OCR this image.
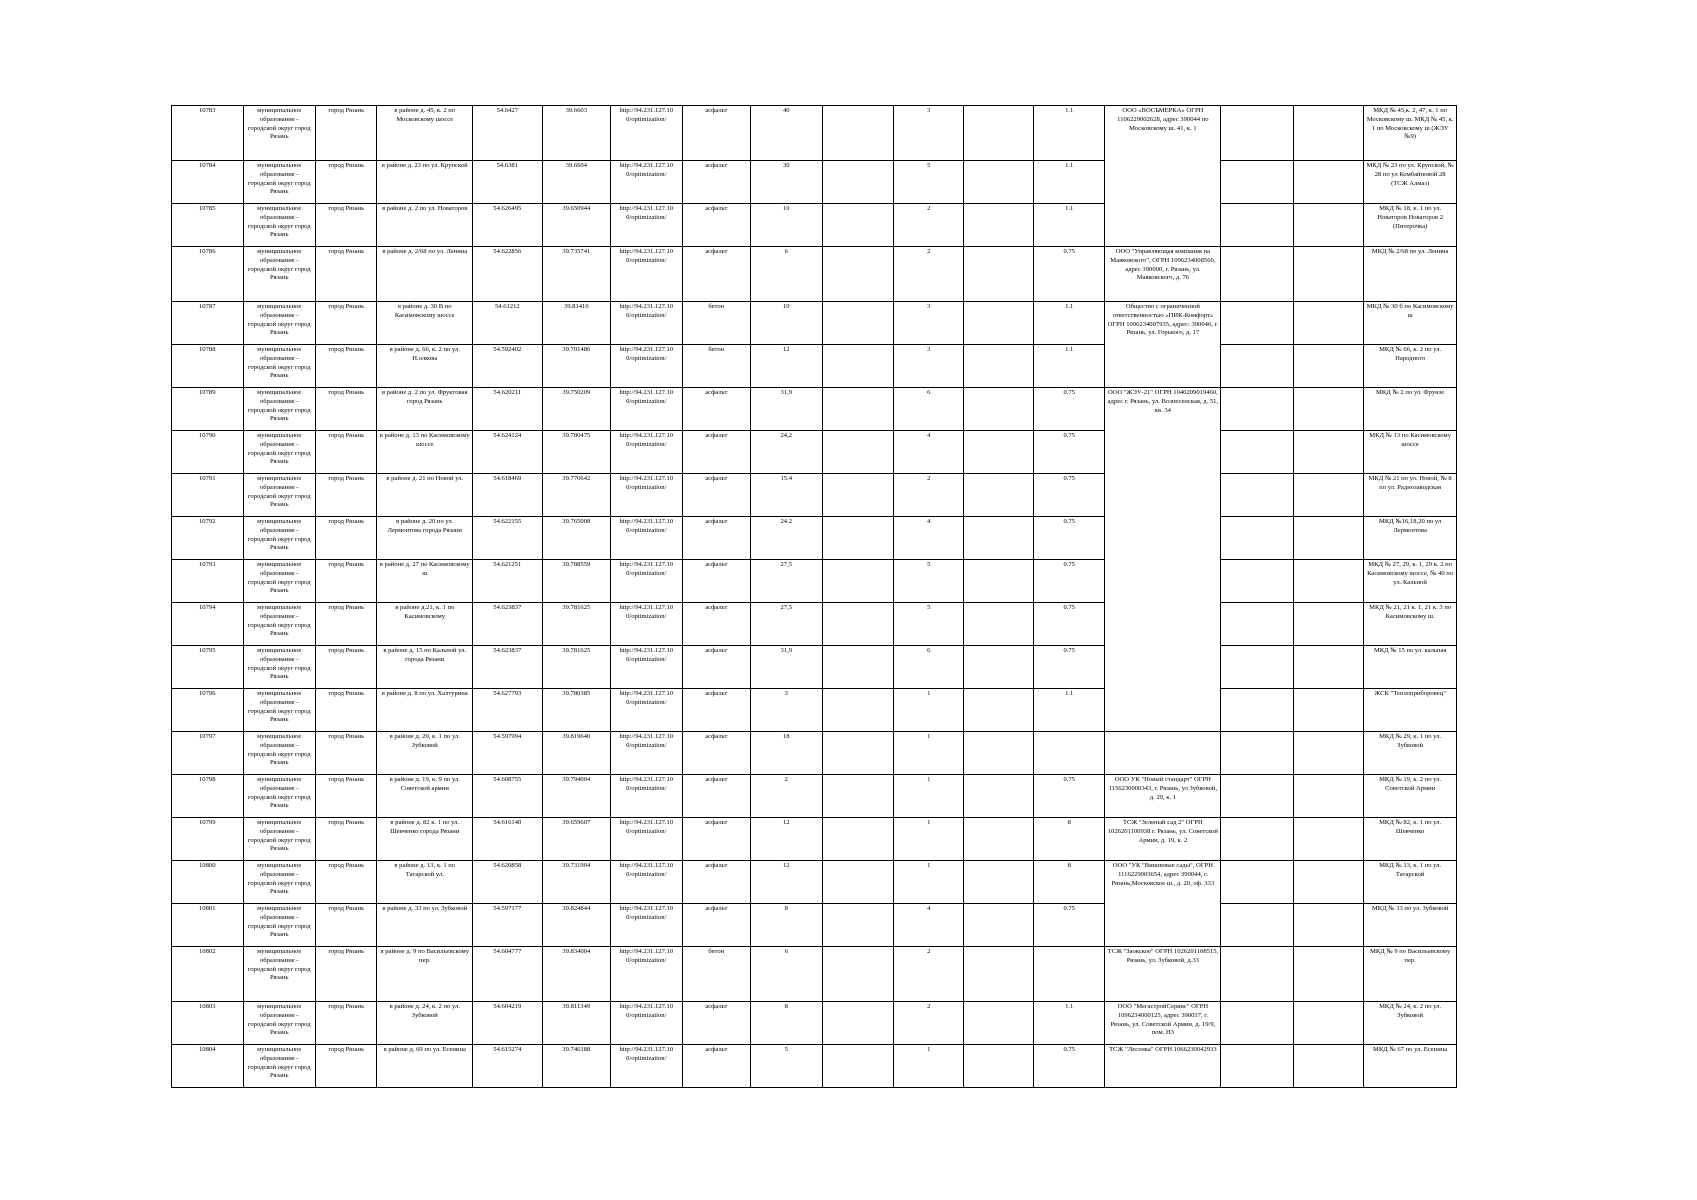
10783	муниципальное образование - городской округ город Рязань	город Рязань	в районе д. 45, к. 2 по Московскому шоссе	54.6427	39.6603	http://94.231.127.10 0/optimization/	асфальт	40		3		1.1	ООО «ВОСЬМЕРКА» ОГРН 1106229002628, адрес 390044 по Московскому ш. 41, к. 1			МКД № 45,к. 2, 47, к. 1 по Московскому ш. МКД № 45, к. 1 по Московскому ш (ЖЭУ №9)
10784	муниципальное образование - городской округ город Рязань	город Рязань	в районе д. 23 по ул. Крупской	54.6381	39.6604	http://94.231.127.10 0/optimization/	асфальт	30		5		1.1				МКД № 23 по ул. Крупской, № 28 по ул Комбайновой 28 (ТСЖ Алмаз)
10785	муниципальное образование - городской округ город Рязань	город Рязань	в районе д. 2 по ул. Новаторов	54.626495	39.650944	http://94.231.127.10 0/optimization/	асфальт	10		2		1.1				МКД № 18, к. 1 по ул. Новаторов Новаторов 2 (Питерочка)
10786	муниципальное образование - городской округ город Рязань	город Рязань	в районе д. 2/68 по ул. Ленина	54.622856	39.735741	http://94.231.127.10 0/optimization/	асфальт	6		2		0.75	ООО "Управляющая компания на Маяковского", ОГРН 1096234008560, адрес 390000, г. Рязань, ул. Маяковского, д. 76			МКД № 2/68 по ул. Ленина
10787	муниципальное образование - городской округ город Рязань	город Рязань	в районе д. 30 В по Касимовскому шоссе	54.61212	39.81416	http://94.231.127.10 0/optimization/	бетон	10		3		1.1	Общество с ограниченной ответственностью «ПИК-Комфорт» ОГРН 1096234007935, адрес: 390046, г. Рязань, ул. Горького, д. 17			МКД № 30 б по Касимовскому ш
10788	муниципальное образование - городской округ город Рязань	город Рязань	в районе д. 66, к. 2 по ул. Н.олкова	54.592402	39.701486	http://94.231.127.10 0/optimization/	бетон	12		3		1.1				МКД № 66, к. 2 по ул. Народного
10789	муниципальное образование - городской округ город Рязань	город Рязань	в районе д. 2 по ул. Фруктовая город Рязань	54.620211	39.750209	http://94.231.127.10 0/optimization/	асфальт	31,9		6		0.75	ООО "ЖЭУ-21" ОГРН 1046209019460, адрес г. Рязань, ул. Вознесенская, д. 51, кв. 34			МКД № 2 по ул. Фрунзе
10790	муниципальное образование - городской округ город Рязань	город Рязань	в районе д. 13 по Касимовскому шоссе	54.624124	39.780475	http://94.231.127.10 0/optimization/	асфальт	24,2		4		0.75				МКД № 13 по Касимовскому шоссе
10791	муниципальное образование - городской округ город Рязань	город Рязань	в районе д. 21 по Новой ул.	54.618469	39.770642	http://94.231.127.10 0/optimization/	асфальт	15.4		2		0.75				МКД № 21 по ул. Новой, № 8 по ул. Радиозаводская
10792	муниципальное образование - городской округ город Рязань	город Рязань	в районе д. 20 по ул. Лермонтова города Рязани	54.622155	39.765008	http://94.231.127.10 0/optimization/	асфальт	24.2		4		0.75				МКД №16,18,20 по ул Лермонтова
10793	муниципальное образование - городской округ город Рязань	город Рязань	в районе д. 27 по Касимовскому ш	54.621251	39.788559	http://94.231.127.10 0/optimization/	асфальт	27,5		5		0.75				МКД № 27, 29, к. 1, 29 к. 2 по Касимовскому шоссе, № 40 по ул. Кальной
10794	муниципальное образование - городской округ город Рязань	город Рязань	в районе д.21, к. 1 по Касимовскому	54.623837	39.781625	http://94.231.127.10 0/optimization/	асфальт	27,5		5		0.75				МКД № 21, 21 к. 1, 21 к. 3 по Касимовскому ш.
10795	муниципальное образование - городской округ город Рязань	город Рязань	в районе д. 15 по Кальной ул. города Рязани	54.623837	39.781625	http://94.231.127.10 0/optimization/	асфальт	31,9		6		0.75				МКД № 15 по ул. кальная
10796	муниципальное образование - городской округ город Рязань	город Рязань	в районе д. 8 по ул. Халтурина	54.627793	39.780385	http://94.231.127.10 0/optimization/	асфальт	3		1		1.1				ЖСК "Теплоприборовец"
10797	муниципальное образование - городской округ город Рязань	город Рязань	в районе д. 29, к. 1 по ул. Зубковой	54.597994	39.819640	http://94.231.127.10 0/optimization/	асфальт	18		1						МКД № 29, к. 1 по ул. Зубковой
10798	муниципальное образование - городской округ город Рязань	город Рязань	в районе д. 19, к. 9 по ул. Советской армии	54.608755	39.794004	http://94.231.127.10 0/optimization/	асфальт	2		1		0.75	ООО УК "Новый стандарт" ОГРН 1156230000343, г. Рязань, ул Зубковой, д. 29, к. 1			МКД № 19, к. 2 по ул. Советской Армии
10799	муниципальное образование - городской округ город Рязань	город Рязань	в районе д. 82 к. 1 по ул. Шевченко города Рязани	54.616140	39.659607	http://94.231.127.10 0/optimization/	асфальт	12		1		8	ТСЖ "Зеленый сад 2" ОГРН 1026201100938 г. Рязань, ул. Советской Армии, д. 19, к. 2			МКД № 82, к. 1 по ул. Шевченко
10800	муниципальное образование - городской округ город Рязань	город Рязань	в районе д. 13, к. 1 по Татарской ул.	54.620858	39.731904	http://94.231.127.10 0/optimization/	асфальт	12		1		8	ООО "УК "Вишневые сады", ОГРН 1116229003654, адрес 390044, г. Рязань,Московское ш., д. 20, оф. 333			МКД № 13, к. 1 по ул. Татарской
10801	муниципальное образование - городской округ город Рязань	город Рязань	в районе д. 33 по ул. Зубковой	54.597177	39.824844	http://94.231.127.10 0/optimization/	асфальт	8		4		0.75				МКД № 33 по ул. Зубковой
10802	муниципальное образование - городской округ город Рязань	город Рязань	в районе д. 9 по Васильевскому пер.	54.604777	39.834004	http://94.231.127.10 0/optimization/	бетон	6		2			ТСЖ "Заокское" ОГРН 1026201108515, Рязань, ул. Зубковой, д.33			МКД № 9 по Васильевскому пер.
10803	муниципальное образование - городской округ город Рязань	город Рязань	в районе д. 24, к. 2 по ул. Зубковой	54.604219	39.811349	http://94.231.127.10 0/optimization/	асфальт	8		2		1.1	ООО "МегастройСервис" ОГРН 1096234000125, адрес 390037, г. Рязань, ул. Советской Армии, д. 19/9, пом. Н3			МКД № 24, к. 2 по ул. Зубковой
10804	муниципальное образование - городской округ город Рязань	город Рязань	в районе д. 69 по ул. Есенина	54.615274	39.746188	http://94.231.127.10 0/optimization/	асфальт	5		1		0.75	ТСЖ "Лесенка" ОГРН 1066230042933			МКД № 67 по ул. Есенина
